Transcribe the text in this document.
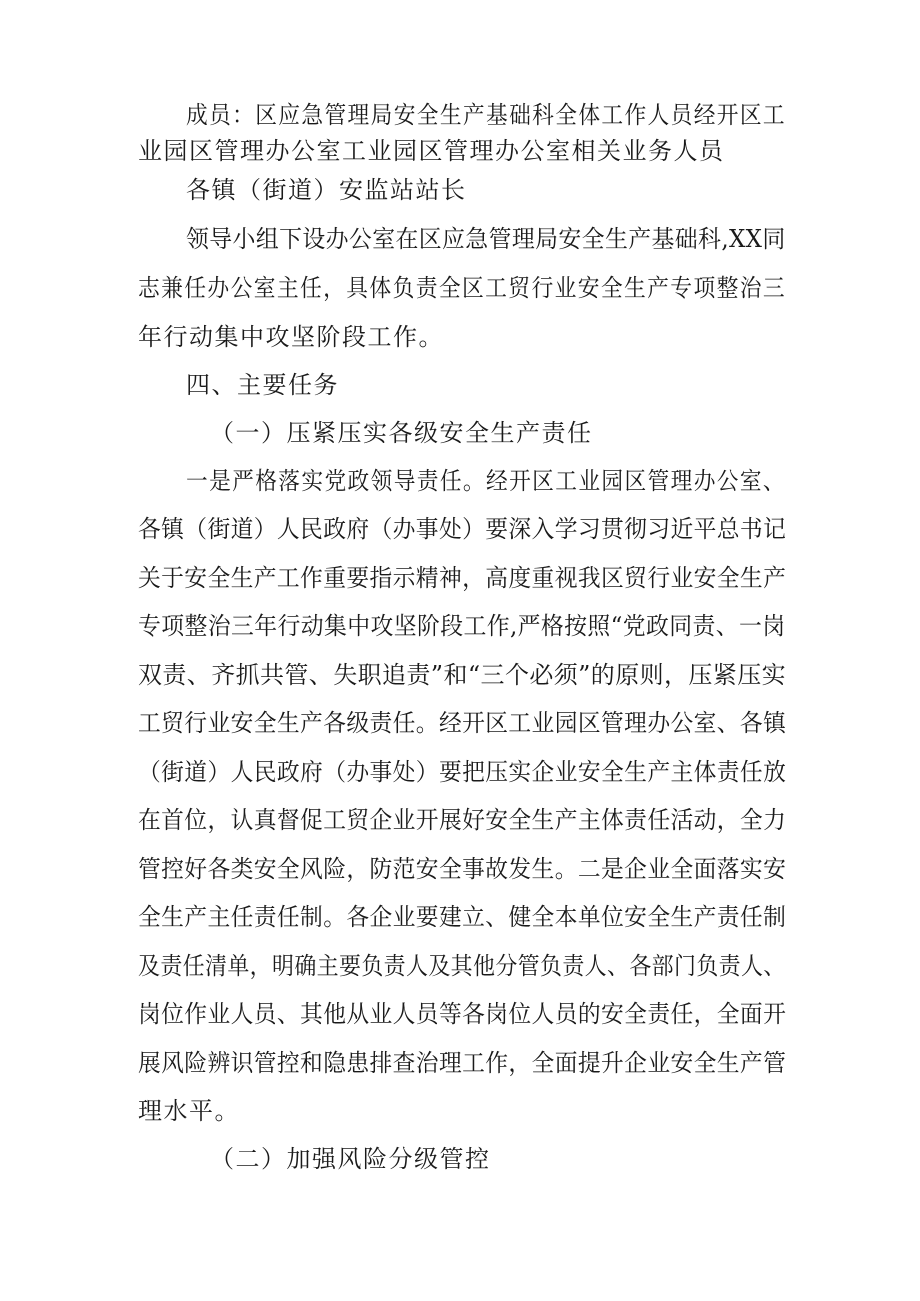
成员：区应急管理局安全生产基础科全体工作人员经开区工
业园区管理办公室工业园区管理办公室相关业务人员
各镇（街道）安监站站长
领导小组下设办公室在区应急管理局安全生产基础科,XX同
志兼任办公室主任，具体负责全区工贸行业安全生产专项整治三
年行动集中攻坚阶段工作。
四、主要任务
（一）压紧压实各级安全生产责任
一是严格落实党政领导责任。经开区工业园区管理办公室、
各镇（街道）人民政府（办事处）要深入学习贯彻习近平总书记
关于安全生产工作重要指示精神，高度重视我区贸行业安全生产
专项整治三年行动集中攻坚阶段工作,严格按照“党政同责、一岗
双责、齐抓共管、失职追责”和“三个必须”的原则，压紧压实
工贸行业安全生产各级责任。经开区工业园区管理办公室、各镇
（街道）人民政府（办事处）要把压实企业安全生产主体责任放
在首位，认真督促工贸企业开展好安全生产主体责任活动，全力
管控好各类安全风险，防范安全事故发生。二是企业全面落实安
全生产主任责任制。各企业要建立、健全本单位安全生产责任制
及责任清单，明确主要负责人及其他分管负责人、各部门负责人、
岗位作业人员、其他从业人员等各岗位人员的安全责任，全面开
展风险辨识管控和隐患排查治理工作，全面提升企业安全生产管
理水平。
（二）加强风险分级管控
